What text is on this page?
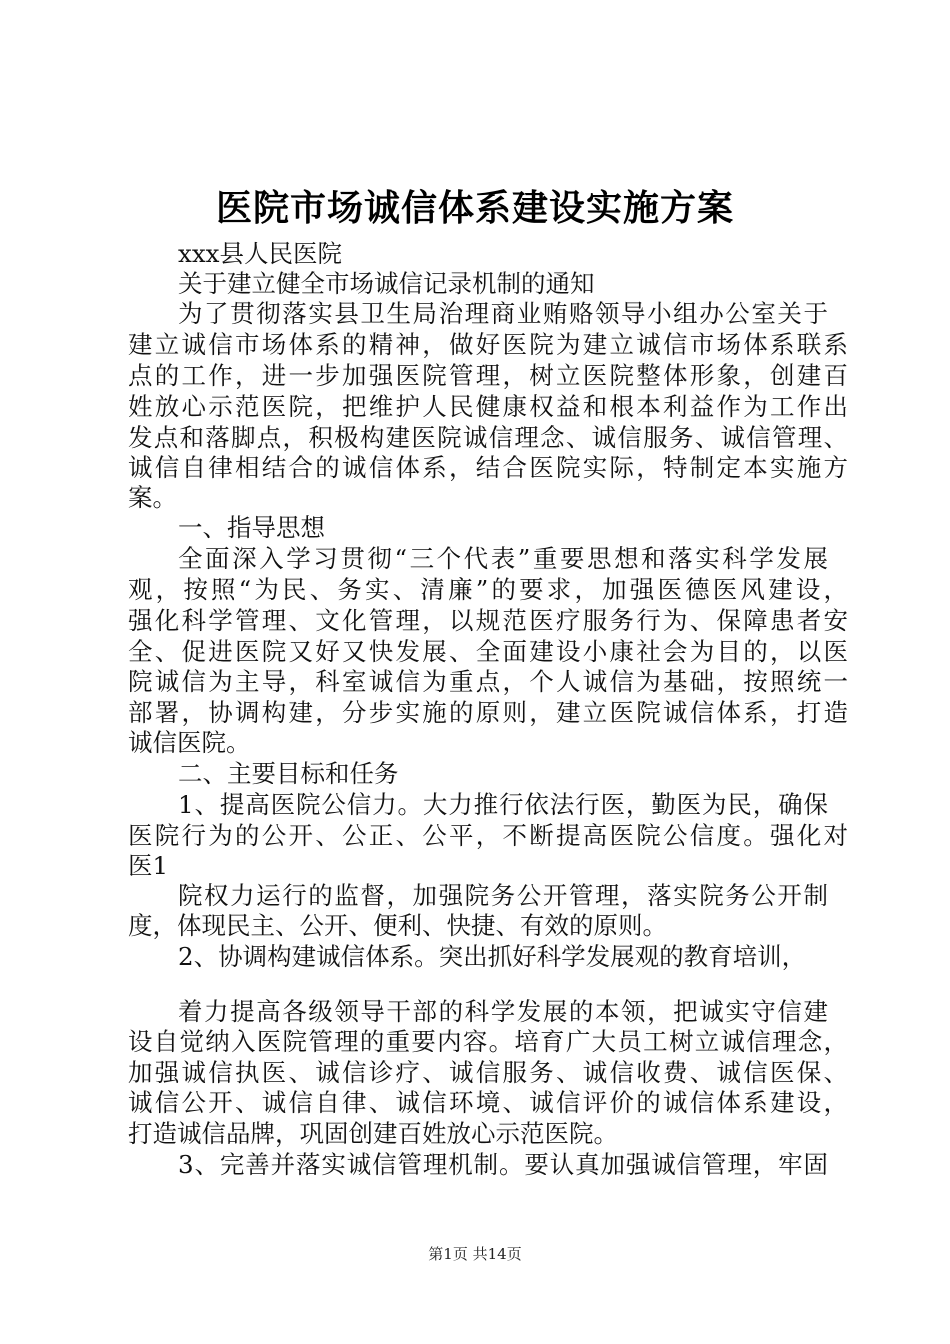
医院市场诚信体系建设实施方案

xxx县人民医院

关于建立健全市场诚信记录机制的通知

为了贯彻落实县卫生局治理商业贿赂领导小组办公室关于

建立诚信市场体系的精神，做好医院为建立诚信市场体系联系

点的工作，进一步加强医院管理，树立医院整体形象，创建百

姓放心示范医院，把维护人民健康权益和根本利益作为工作出

发点和落脚点，积极构建医院诚信理念、诚信服务、诚信管理、

诚信自律相结合的诚信体系，结合医院实际，特制定本实施方

案。

一、指导思想

全面深入学习贯彻“三个代表”重要思想和落实科学发展

观，按照“为民、务实、清廉”的要求，加强医德医风建设，

强化科学管理、文化管理，以规范医疗服务行为、保障患者安

全、促进医院又好又快发展、全面建设小康社会为目的，以医

院诚信为主导，科室诚信为重点，个人诚信为基础，按照统一

部署，协调构建，分步实施的原则，建立医院诚信体系，打造

诚信医院。

二、主要目标和任务

1、提高医院公信力。大力推行依法行医，勤医为民，确保

医院行为的公开、公正、公平，不断提高医院公信度。强化对

医1

院权力运行的监督，加强院务公开管理，落实院务公开制

度，体现民主、公开、便利、快捷、有效的原则。

2、协调构建诚信体系。突出抓好科学发展观的教育培训，

着力提高各级领导干部的科学发展的本领，把诚实守信建

设自觉纳入医院管理的重要内容。培育广大员工树立诚信理念，

加强诚信执医、诚信诊疗、诚信服务、诚信收费、诚信医保、

诚信公开、诚信自律、诚信环境、诚信评价的诚信体系建设，

打造诚信品牌，巩固创建百姓放心示范医院。

3、完善并落实诚信管理机制。要认真加强诚信管理，牢固

第1页 共14页
